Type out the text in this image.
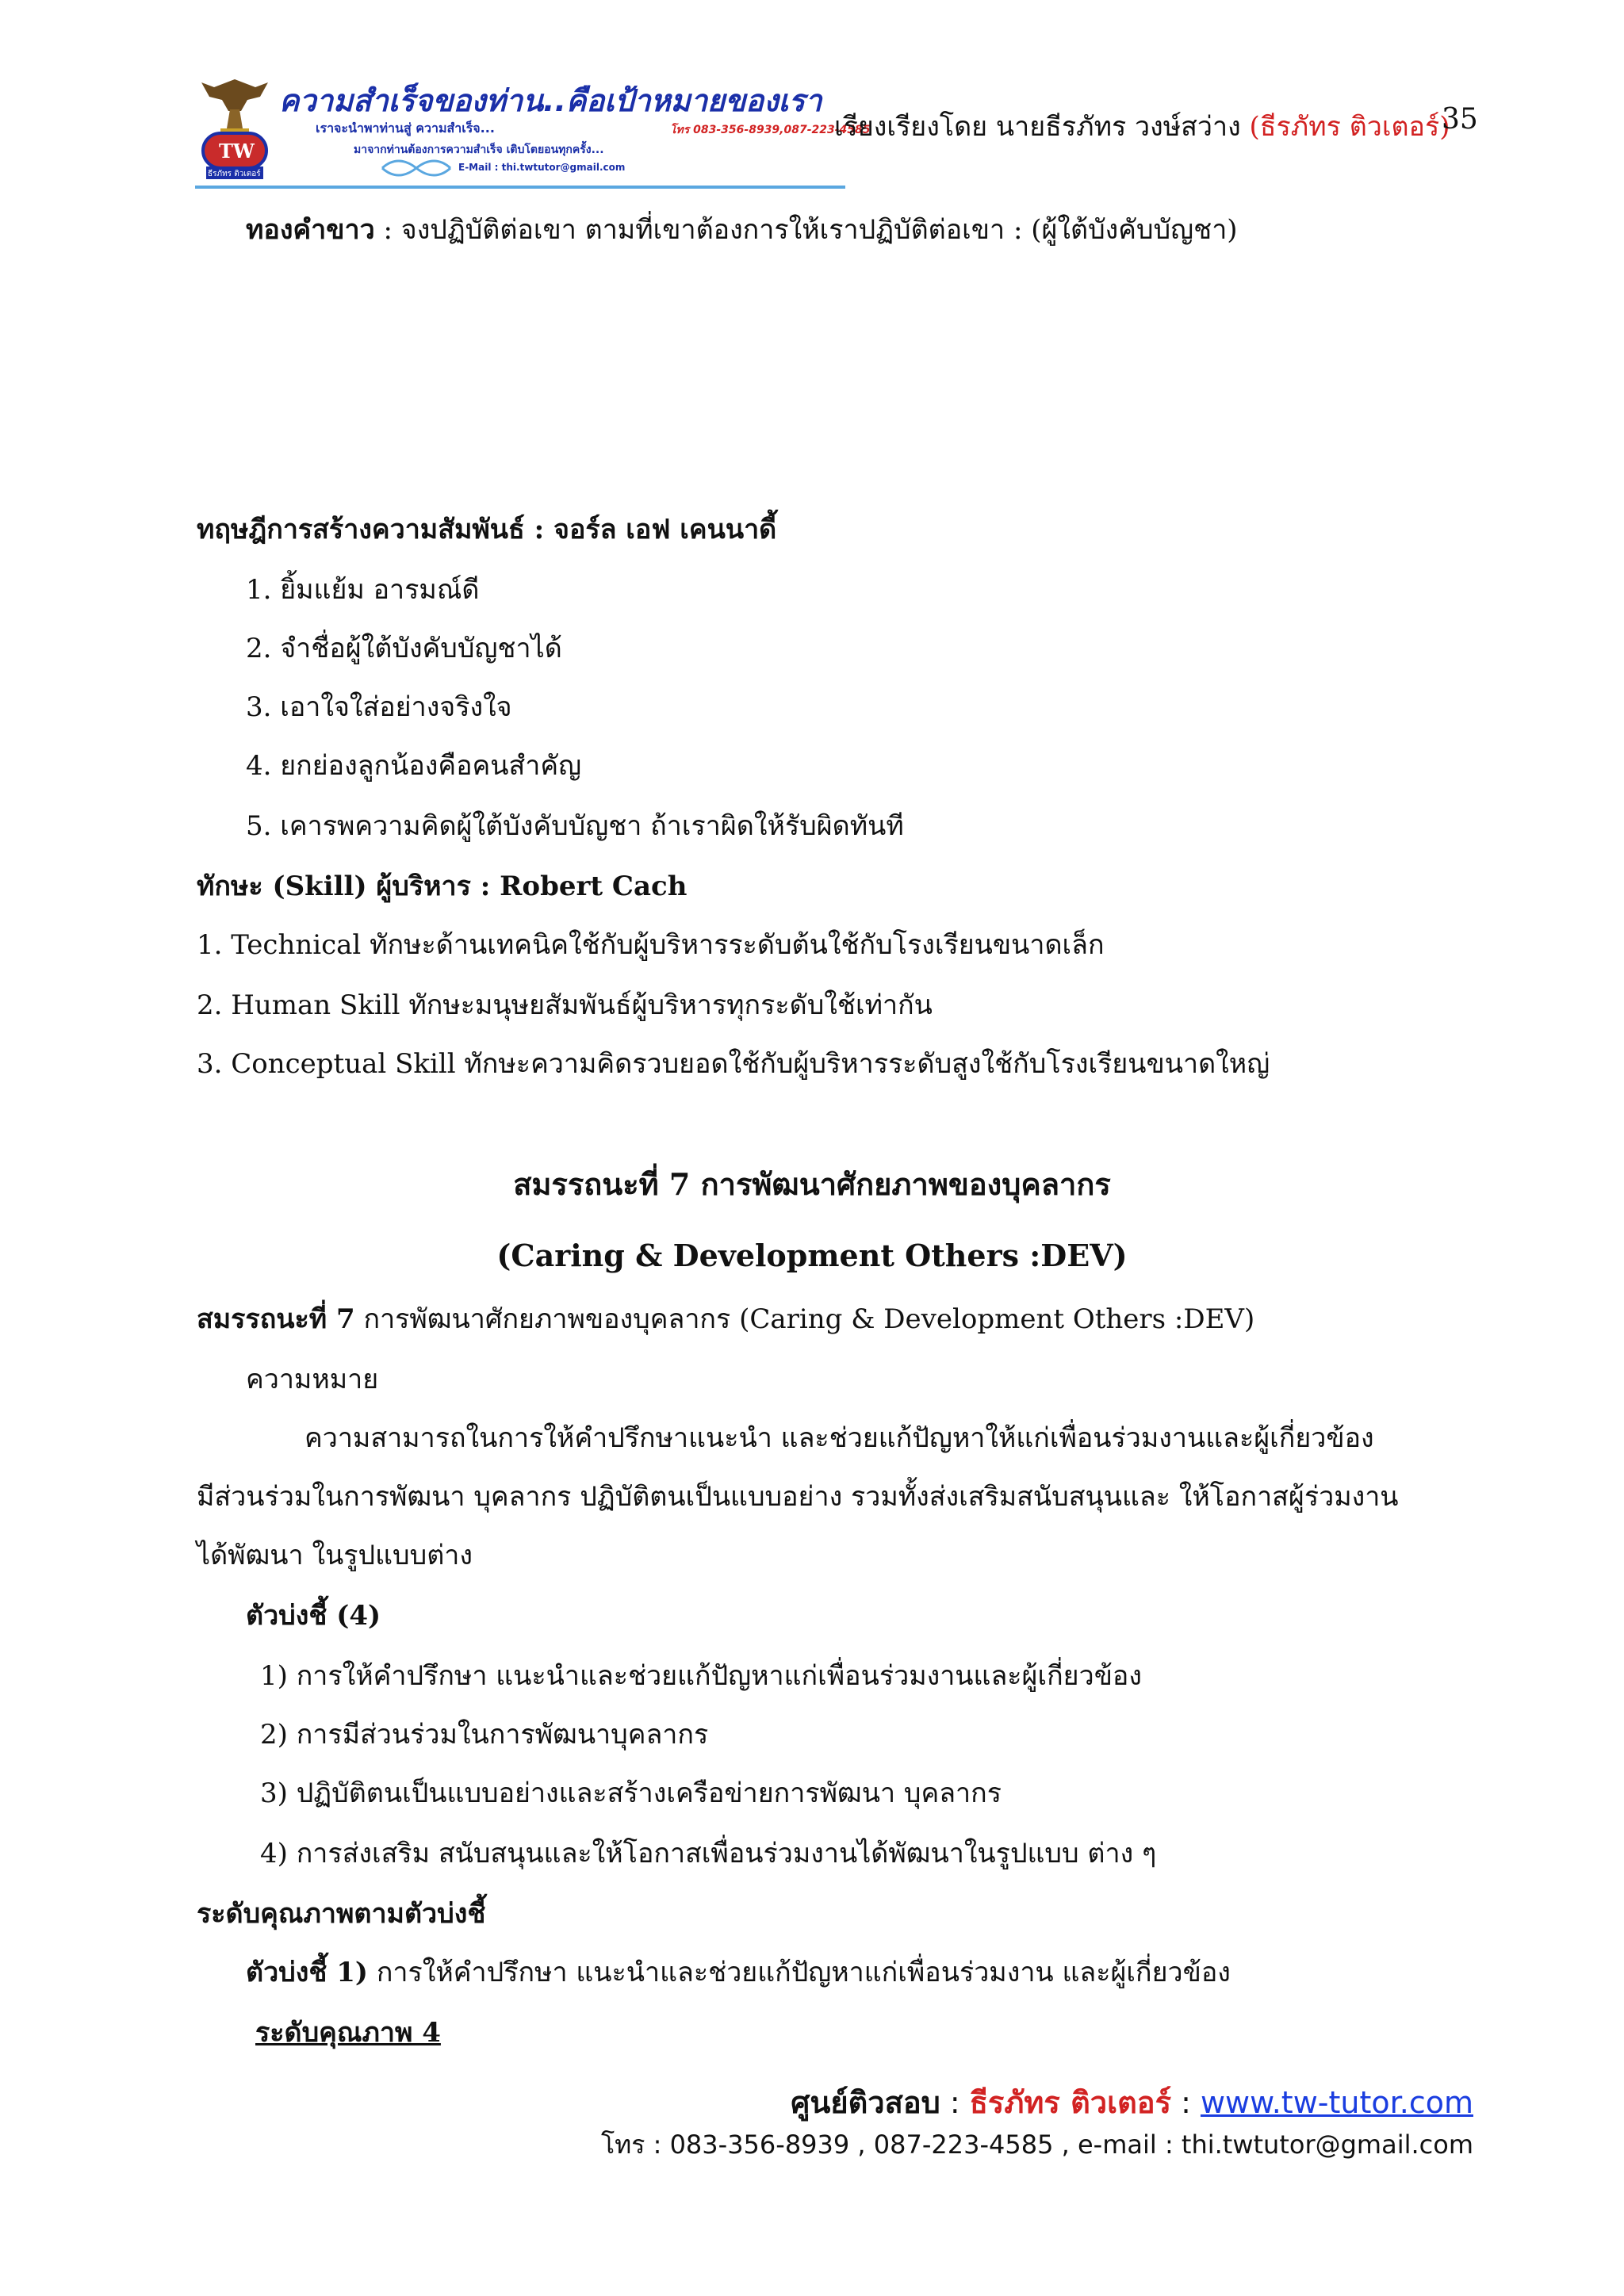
TW
ธีรภัทร ติวเตอร์
ความสำเร็จของท่าน..คือเป้าหมายของเรา
เราจะนำพาท่านสู่ ความสำเร็จ...
มาจากท่านต้องการความสำเร็จ เติบโตยอนทุกครั้ง...
โทร 083-356-8939,087-223-4585
E-Mail : thi.twtutor@gmail.com
เรียงเรียงโดย นายธีรภัทร วงษ์สว่าง (ธีรภัทร ติวเตอร์)
35
ทองคำขาว : จงปฏิบัติต่อเขา ตามที่เขาต้องการให้เราปฏิบัติต่อเขา : (ผู้ใต้บังคับบัญชา)
ทฤษฎีการสร้างความสัมพันธ์ : จอร์ล เอฟ เคนนาดี้
1. ยิ้มแย้ม อารมณ์ดี
2. จำชื่อผู้ใต้บังคับบัญชาได้
3. เอาใจใส่อย่างจริงใจ
4. ยกย่องลูกน้องคือคนสำคัญ
5. เคารพความคิดผู้ใต้บังคับบัญชา ถ้าเราผิดให้รับผิดทันที
ทักษะ (Skill) ผู้บริหาร : Robert Cach
1. Technical ทักษะด้านเทคนิคใช้กับผู้บริหารระดับต้นใช้กับโรงเรียนขนาดเล็ก
2. Human Skill ทักษะมนุษยสัมพันธ์ผู้บริหารทุกระดับใช้เท่ากัน
3. Conceptual Skill ทักษะความคิดรวบยอดใช้กับผู้บริหารระดับสูงใช้กับโรงเรียนขนาดใหญ่
สมรรถนะที่ 7 การพัฒนาศักยภาพของบุคลากร
(Caring & Development Others :DEV)
สมรรถนะที่ 7 การพัฒนาศักยภาพของบุคลากร (Caring & Development Others :DEV)
ความหมาย
ความสามารถในการให้คำปรึกษาแนะนำ และช่วยแก้ปัญหาให้แก่เพื่อนร่วมงานและผู้เกี่ยวข้อง
มีส่วนร่วมในการพัฒนา บุคลากร ปฏิบัติตนเป็นแบบอย่าง รวมทั้งส่งเสริมสนับสนุนและ ให้โอกาสผู้ร่วมงาน
ได้พัฒนา ในรูปแบบต่าง
ตัวบ่งชี้ (4)
1) การให้คำปรึกษา แนะนำและช่วยแก้ปัญหาแก่เพื่อนร่วมงานและผู้เกี่ยวข้อง
2) การมีส่วนร่วมในการพัฒนาบุคลากร
3) ปฏิบัติตนเป็นแบบอย่างและสร้างเครือข่ายการพัฒนา บุคลากร
4) การส่งเสริม สนับสนุนและให้โอกาสเพื่อนร่วมงานได้พัฒนาในรูปแบบ ต่าง ๆ
ระดับคุณภาพตามตัวบ่งชี้
ตัวบ่งชี้ 1) การให้คำปรึกษา แนะนำและช่วยแก้ปัญหาแก่เพื่อนร่วมงาน และผู้เกี่ยวข้อง
ระดับคุณภาพ 4
ศูนย์ติวสอบ : ธีรภัทร ติวเตอร์ : www.tw-tutor.com
โทร : 083-356-8939 , 087-223-4585 , e-mail : thi.twtutor@gmail.com
